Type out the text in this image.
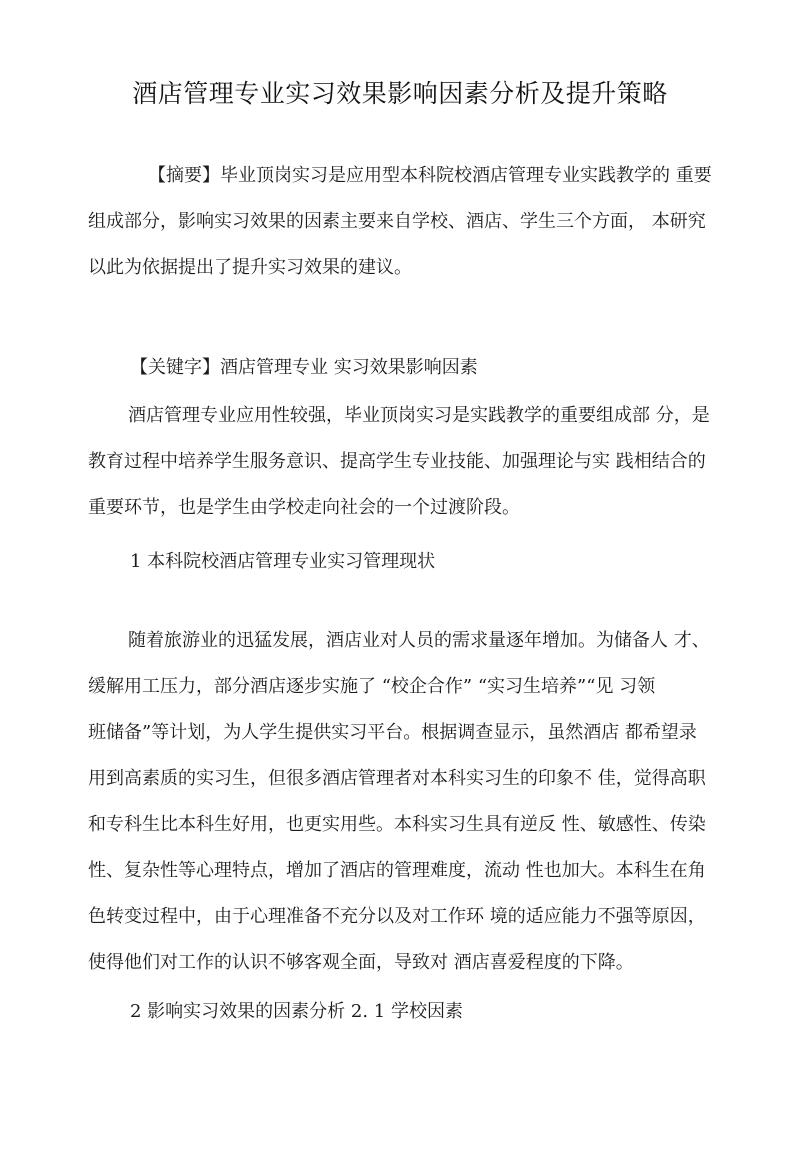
酒店管理专业实习效果影响因素分析及提升策略
【摘要】毕业顶岗实习是应用型本科院校酒店管理专业实践教学的 重要
组成部分，影响实习效果的因素主要来自学校、酒店、学生三个方面， 本研究
以此为依据提出了提升实习效果的建议。
【关键字】酒店管理专业 实习效果影响因素
酒店管理专业应用性较强，毕业顶岗实习是实践教学的重要组成部 分，是
教育过程中培养学生服务意识、提高学生专业技能、加强理论与实 践相结合的
重要环节，也是学生由学校走向社会的一个过渡阶段。
1 本科院校酒店管理专业实习管理现状
随着旅游业的迅猛发展，酒店业对人员的需求量逐年增加。为储备人 才、
缓解用工压力，部分酒店逐步实施了 “校企合作” “实习生培养”“见 习领
班储备”等计划，为人学生提供实习平台。根据调查显示，虽然酒店 都希望录
用到高素质的实习生，但很多酒店管理者对本科实习生的印象不 佳，觉得高职
和专科生比本科生好用，也更实用些。本科实习生具有逆反 性、敏感性、传染
性、复杂性等心理特点，增加了酒店的管理难度，流动 性也加大。本科生在角
色转变过程中，由于心理准备不充分以及对工作环 境的适应能力不强等原因，
使得他们对工作的认识不够客观全面，导致对 酒店喜爱程度的下降。
2 影响实习效果的因素分析 2. 1 学校因素
